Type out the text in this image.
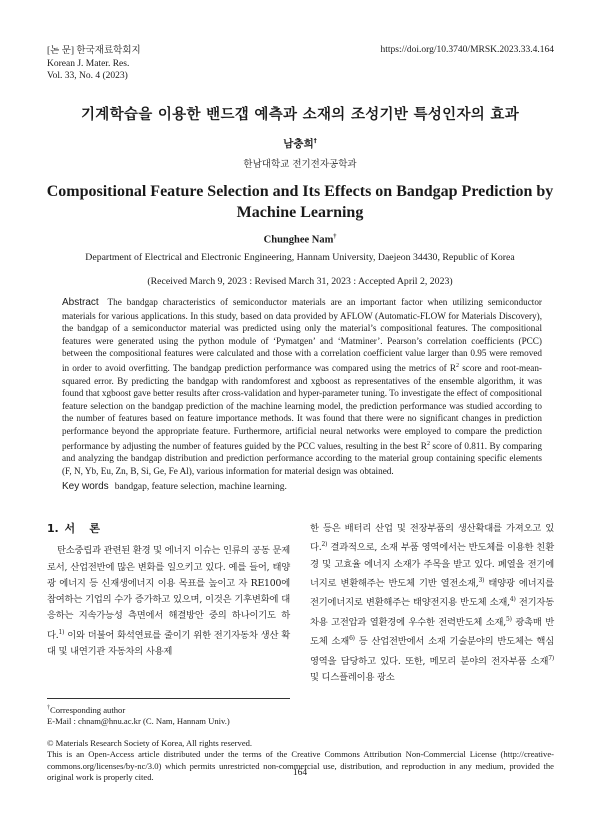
[논 문] 한국재료학회지
Korean J. Mater. Res.
Vol. 33, No. 4 (2023)
https://doi.org/10.3740/MRSK.2023.33.4.164
기계학습을 이용한 밴드갭 예측과 소재의 조성기반 특성인자의 효과
남충희†
한남대학교 전기전자공학과
Compositional Feature Selection and Its Effects on Bandgap Prediction by
Machine Learning
Chunghee Nam†
Department of Electrical and Electronic Engineering, Hannam University, Daejeon 34430, Republic of Korea
(Received March 9, 2023 : Revised March 31, 2023 : Accepted April 2, 2023)
Abstract The bandgap characteristics of semiconductor materials are an important factor when utilizing semiconductor materials for various applications. In this study, based on data provided by AFLOW (Automatic-FLOW for Materials Discovery), the bandgap of a semiconductor material was predicted using only the material’s compositional features. The compositional features were generated using the python module of ‘Pymatgen’ and ‘Matminer’. Pearson’s correlation coefficients (PCC) between the compositional features were calculated and those with a correlation coefficient value larger than 0.95 were removed in order to avoid overfitting. The bandgap prediction performance was compared using the metrics of $R^2$ score and root-mean-squared error. By predicting the bandgap with randomforest and xgboost as representatives of the ensemble algorithm, it was found that xgboost gave better results after cross-validation and hyper-parameter tuning. To investigate the effect of compositional feature selection on the bandgap prediction of the machine learning model, the prediction performance was studied according to the number of features based on feature importance methods. It was found that there were no significant changes in prediction performance beyond the appropriate feature. Furthermore, artificial neural networks were employed to compare the prediction performance by adjusting the number of features guided by the PCC values, resulting in the best $R^2$ score of 0.811. By comparing and analyzing the bandgap distribution and prediction performance according to the material group containing specific elements (F, N, Yb, Eu, Zn, B, Si, Ge, Fe Al), various information for material design was obtained.
Key words bandgap, feature selection, machine learning.
1. 서    론
탄소중립과 관련된 환경 및 에너지 이슈는 인류의 공동 문제로서, 산업전반에 많은 변화를 일으키고 있다. 예를 들어, 태양광 에너지 등 신재생에너지 이용 목표를 높이고 자 RE100에 참여하는 기업의 수가 증가하고 있으며, 이것은 기후변화에 대응하는 지속가능성 측면에서 해결방안 중의 하나이기도 하다.$^{1)}$ 이와 더불어 화석연료를 줄이기 위한 전기자동차 생산 확대 및 내연기관 자동차의 사용제
한 등은 배터리 산업 및 전장부품의 생산확대를 가져오고 있다.$^{2)}$ 결과적으로, 소재 부품 영역에서는 반도체를 이용한 친환경 및 고효율 에너지 소재가 주목을 받고 있다. 폐열을 전기에너지로 변환해주는 반도체 기반 열전소재,$^{3)}$ 태양광 에너지를 전기에너지로 변환해주는 태양전지용 반도체 소재,$^{4)}$ 전기자동차용 고전압과 열환경에 우수한 전력반도체 소재,$^{5)}$ 광촉매 반도체 소재$^{6)}$ 등 산업전반에서 소재 기술분야의 반도체는 핵심영역을 담당하고 있다. 또한, 메모리 분야의 전자부품 소재$^{7)}$ 및 디스플레이용 광소
†Corresponding author
E-Mail : chnam@hnu.ac.kr (C. Nam, Hannam Univ.)
© Materials Research Society of Korea, All rights reserved.
This is an Open-Access article distributed under the terms of the Creative Commons Attribution Non-Commercial License (http://creative-commons.org/licenses/by-nc/3.0) which permits unrestricted non-commercial use, distribution, and reproduction in any medium, provided the original work is properly cited.	164
